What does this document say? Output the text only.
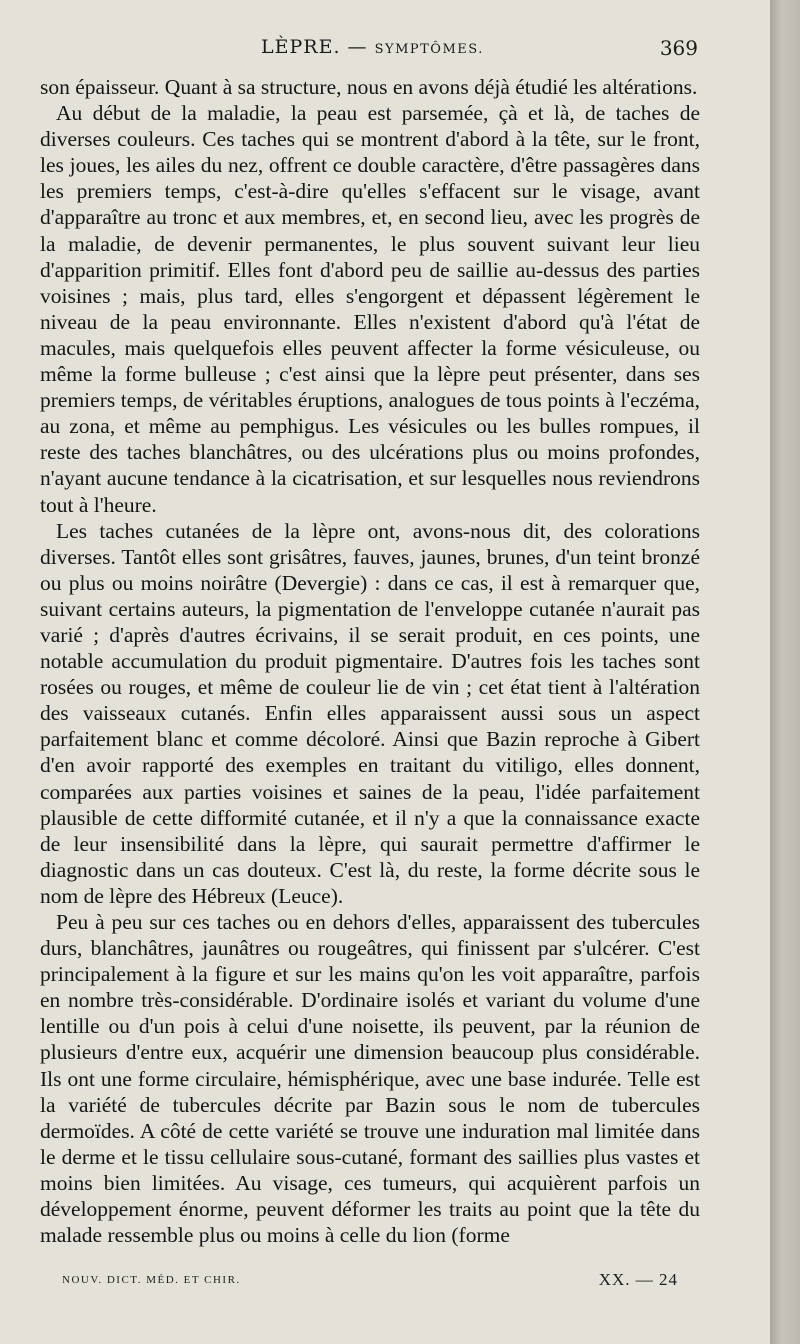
LÈPRE. — SYMPTÔMES.	369

son épaisseur. Quant à sa structure, nous en avons déjà étudié les altérations.

Au début de la maladie, la peau est parsemée, çà et là, de taches de diverses couleurs. Ces taches qui se montrent d'abord à la tête, sur le front, les joues, les ailes du nez, offrent ce double caractère, d'être passagères dans les premiers temps, c'est-à-dire qu'elles s'effacent sur le visage, avant d'apparaître au tronc et aux membres, et, en second lieu, avec les progrès de la maladie, de devenir permanentes, le plus souvent suivant leur lieu d'apparition primitif. Elles font d'abord peu de saillie au-dessus des parties voisines ; mais, plus tard, elles s'engorgent et dépassent légèrement le niveau de la peau environnante. Elles n'existent d'abord qu'à l'état de macules, mais quelquefois elles peuvent affecter la forme vésiculeuse, ou même la forme bulleuse ; c'est ainsi que la lèpre peut présenter, dans ses premiers temps, de véritables éruptions, analogues de tous points à l'eczéma, au zona, et même au pemphigus. Les vésicules ou les bulles rompues, il reste des taches blanchâtres, ou des ulcérations plus ou moins profondes, n'ayant aucune tendance à la cicatrisation, et sur lesquelles nous reviendrons tout à l'heure.

Les taches cutanées de la lèpre ont, avons-nous dit, des colorations diverses. Tantôt elles sont grisâtres, fauves, jaunes, brunes, d'un teint bronzé ou plus ou moins noirâtre (Devergie) : dans ce cas, il est à remarquer que, suivant certains auteurs, la pigmentation de l'enveloppe cutanée n'aurait pas varié ; d'après d'autres écrivains, il se serait produit, en ces points, une notable accumulation du produit pigmentaire. D'autres fois les taches sont rosées ou rouges, et même de couleur lie de vin ; cet état tient à l'altération des vaisseaux cutanés. Enfin elles apparaissent aussi sous un aspect parfaitement blanc et comme décoloré. Ainsi que Bazin reproche à Gibert d'en avoir rapporté des exemples en traitant du vitiligo, elles donnent, comparées aux parties voisines et saines de la peau, l'idée parfaitement plausible de cette difformité cutanée, et il n'y a que la connaissance exacte de leur insensibilité dans la lèpre, qui saurait permettre d'affirmer le diagnostic dans un cas douteux. C'est là, du reste, la forme décrite sous le nom de lèpre des Hébreux (Leuce).

Peu à peu sur ces taches ou en dehors d'elles, apparaissent des tubercules durs, blanchâtres, jaunâtres ou rougeâtres, qui finissent par s'ulcérer. C'est principalement à la figure et sur les mains qu'on les voit apparaître, parfois en nombre très-considérable. D'ordinaire isolés et variant du volume d'une lentille ou d'un pois à celui d'une noisette, ils peuvent, par la réunion de plusieurs d'entre eux, acquérir une dimension beaucoup plus considérable. Ils ont une forme circulaire, hémisphérique, avec une base indurée. Telle est la variété de tubercules décrite par Bazin sous le nom de tubercules dermoïdes. A côté de cette variété se trouve une induration mal limitée dans le derme et le tissu cellulaire sous-cutané, formant des saillies plus vastes et moins bien limitées. Au visage, ces tumeurs, qui acquièrent parfois un développement énorme, peuvent déformer les traits au point que la tête du malade ressemble plus ou moins à celle du lion (forme

NOUV. DICT. MÉD. ET CHIR.	XX. — 24
